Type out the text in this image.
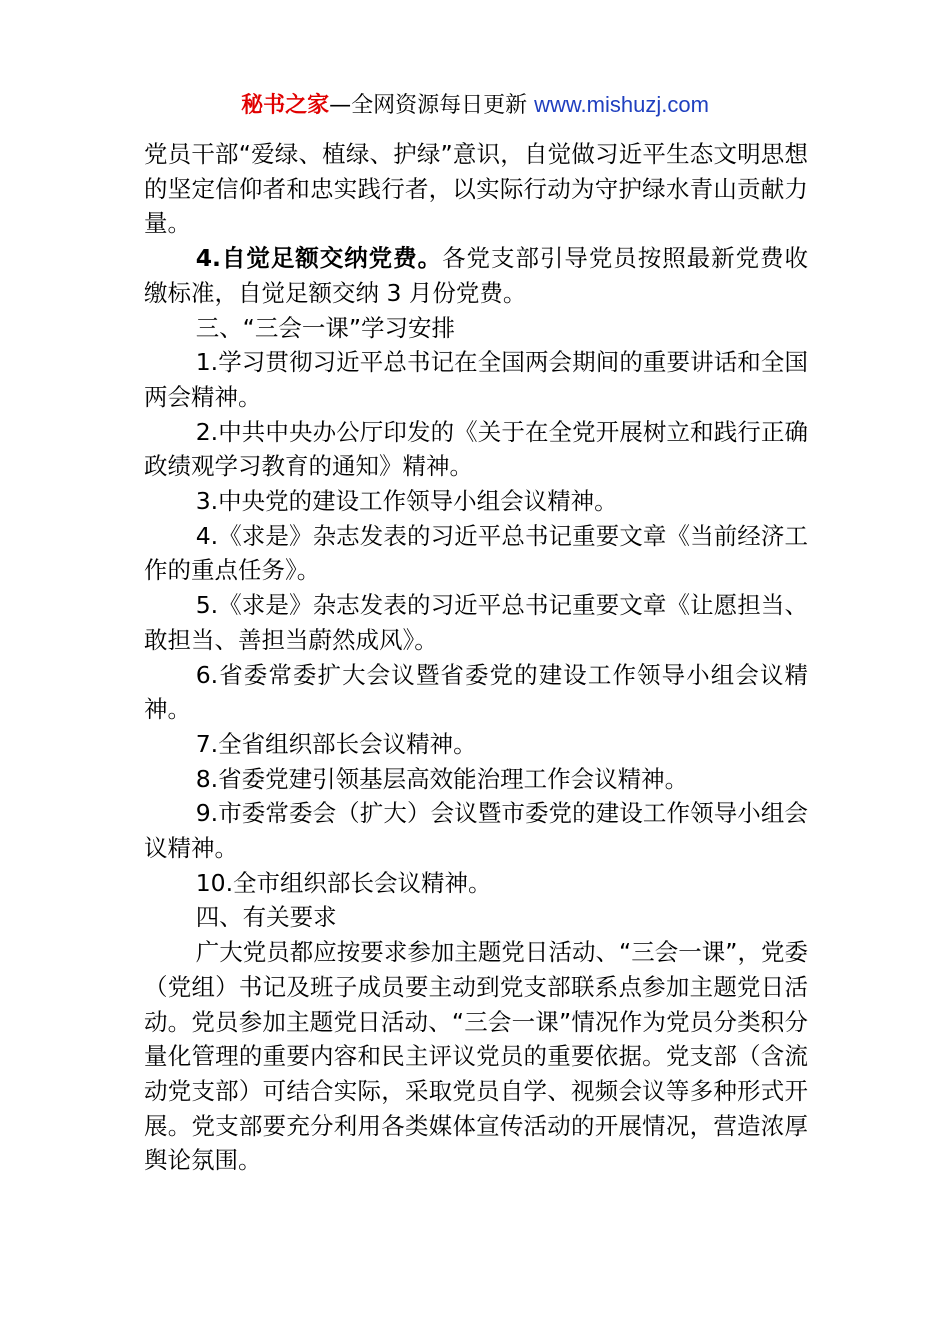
秘书之家—全网资源每日更新 www.mishuzj.com

党员干部“爱绿、植绿、护绿”意识，自觉做习近平生态文明思想的坚定信仰者和忠实践行者，以实际行动为守护绿水青山贡献力量。

4.自觉足额交纳党费。各党支部引导党员按照最新党费收缴标准，自觉足额交纳 3 月份党费。

三、“三会一课”学习安排

1.学习贯彻习近平总书记在全国两会期间的重要讲话和全国两会精神。

2.中共中央办公厅印发的《关于在全党开展树立和践行正确政绩观学习教育的通知》精神。

3.中央党的建设工作领导小组会议精神。

4.《求是》杂志发表的习近平总书记重要文章《当前经济工作的重点任务》。

5.《求是》杂志发表的习近平总书记重要文章《让愿担当、敢担当、善担当蔚然成风》。

6.省委常委扩大会议暨省委党的建设工作领导小组会议精神。

7.全省组织部长会议精神。

8.省委党建引领基层高效能治理工作会议精神。

9.市委常委会（扩大）会议暨市委党的建设工作领导小组会议精神。

10.全市组织部长会议精神。

四、有关要求

广大党员都应按要求参加主题党日活动、“三会一课”，党委（党组）书记及班子成员要主动到党支部联系点参加主题党日活动。党员参加主题党日活动、“三会一课”情况作为党员分类积分量化管理的重要内容和民主评议党员的重要依据。党支部（含流动党支部）可结合实际，采取党员自学、视频会议等多种形式开展。党支部要充分利用各类媒体宣传活动的开展情况，营造浓厚舆论氛围。
